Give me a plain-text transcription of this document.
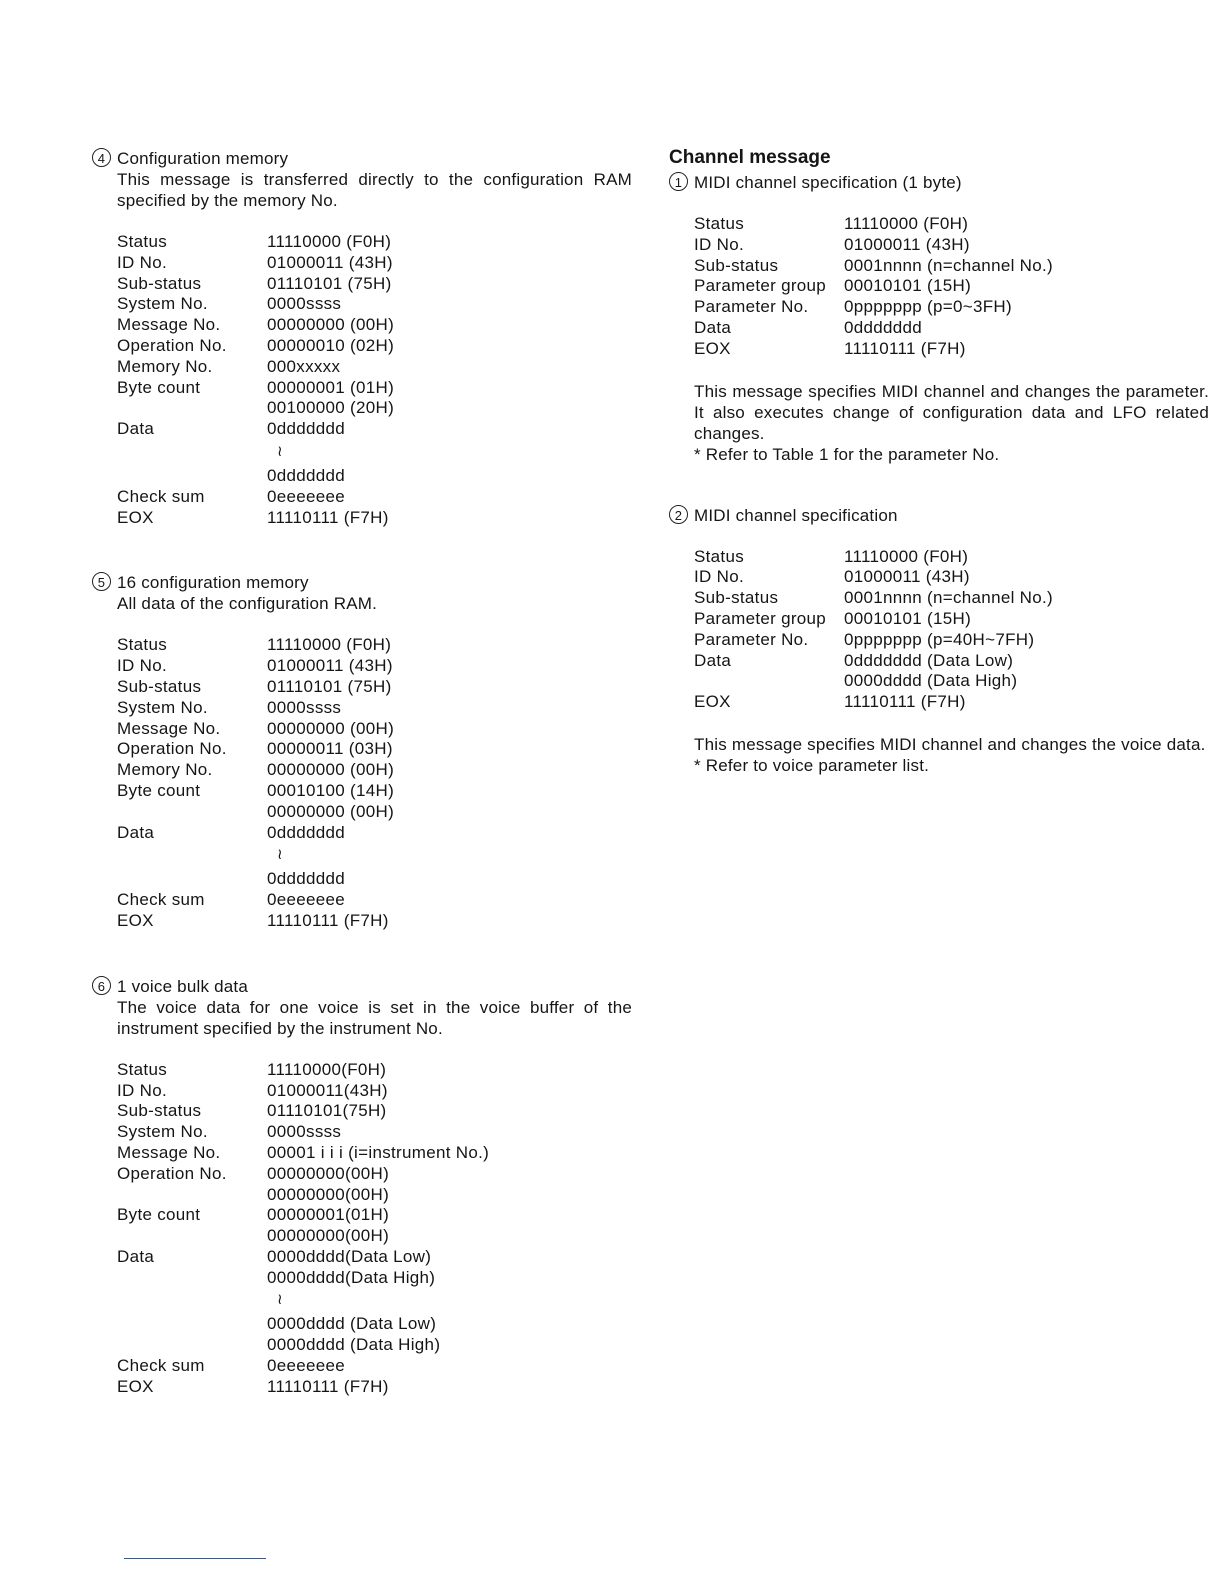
4 Configuration memory
This message is transferred directly to the configuration RAM specified by the memory No.
Status	11110000 (F0H)
ID No.	01000011 (43H)
Sub-status	01110101 (75H)
System No.	0000ssss
Message No.	00000000 (00H)
Operation No.	00000010 (02H)
Memory No.	000xxxxx
Byte count	00000001 (01H)
00100000 (20H)
Data	0ddddddd
≀
0ddddddd
Check sum	0eeeeeee
EOX	11110111 (F7H)
5 16 configuration memory
All data of the configuration RAM.
Status	11110000 (F0H)
ID No.	01000011 (43H)
Sub-status	01110101 (75H)
System No.	0000ssss
Message No.	00000000 (00H)
Operation No.	00000011 (03H)
Memory No.	00000000 (00H)
Byte count	00010100 (14H)
00000000 (00H)
Data	0ddddddd
≀
0ddddddd
Check sum	0eeeeeee
EOX	11110111 (F7H)
6 1 voice bulk data
The voice data for one voice is set in the voice buffer of the instrument specified by the instrument No.
Status	11110000(F0H)
ID No.	01000011(43H)
Sub-status	01110101(75H)
System No.	0000ssss
Message No.	00001 i i i (i=instrument No.)
Operation No.	00000000(00H)
00000000(00H)
Byte count	00000001(01H)
00000000(00H)
Data	0000dddd(Data Low)
0000dddd(Data High)
≀
0000dddd (Data Low)
0000dddd (Data High)
Check sum	0eeeeeee
EOX	11110111 (F7H)
Channel message
1 MIDI channel specification (1 byte)
Status	11110000 (F0H)
ID No.	01000011 (43H)
Sub-status	0001nnnn (n=channel No.)
Parameter group	00010101 (15H)
Parameter No.	0ppppppp (p=0~3FH)
Data	0ddddddd
EOX	11110111 (F7H)

This message specifies MIDI channel and changes the parameter. It also executes change of configuration data and LFO related changes.

* Refer to Table 1 for the parameter No.
2 MIDI channel specification
Status	11110000 (F0H)
ID No.	01000011 (43H)
Sub-status	0001nnnn (n=channel No.)
Parameter group	00010101 (15H)
Parameter No.	0ppppppp (p=40H~7FH)
Data	0ddddddd (Data Low)
0000dddd (Data High)
EOX	11110111 (F7H)

This message specifies MIDI channel and changes the voice data.

* Refer to voice parameter list.
